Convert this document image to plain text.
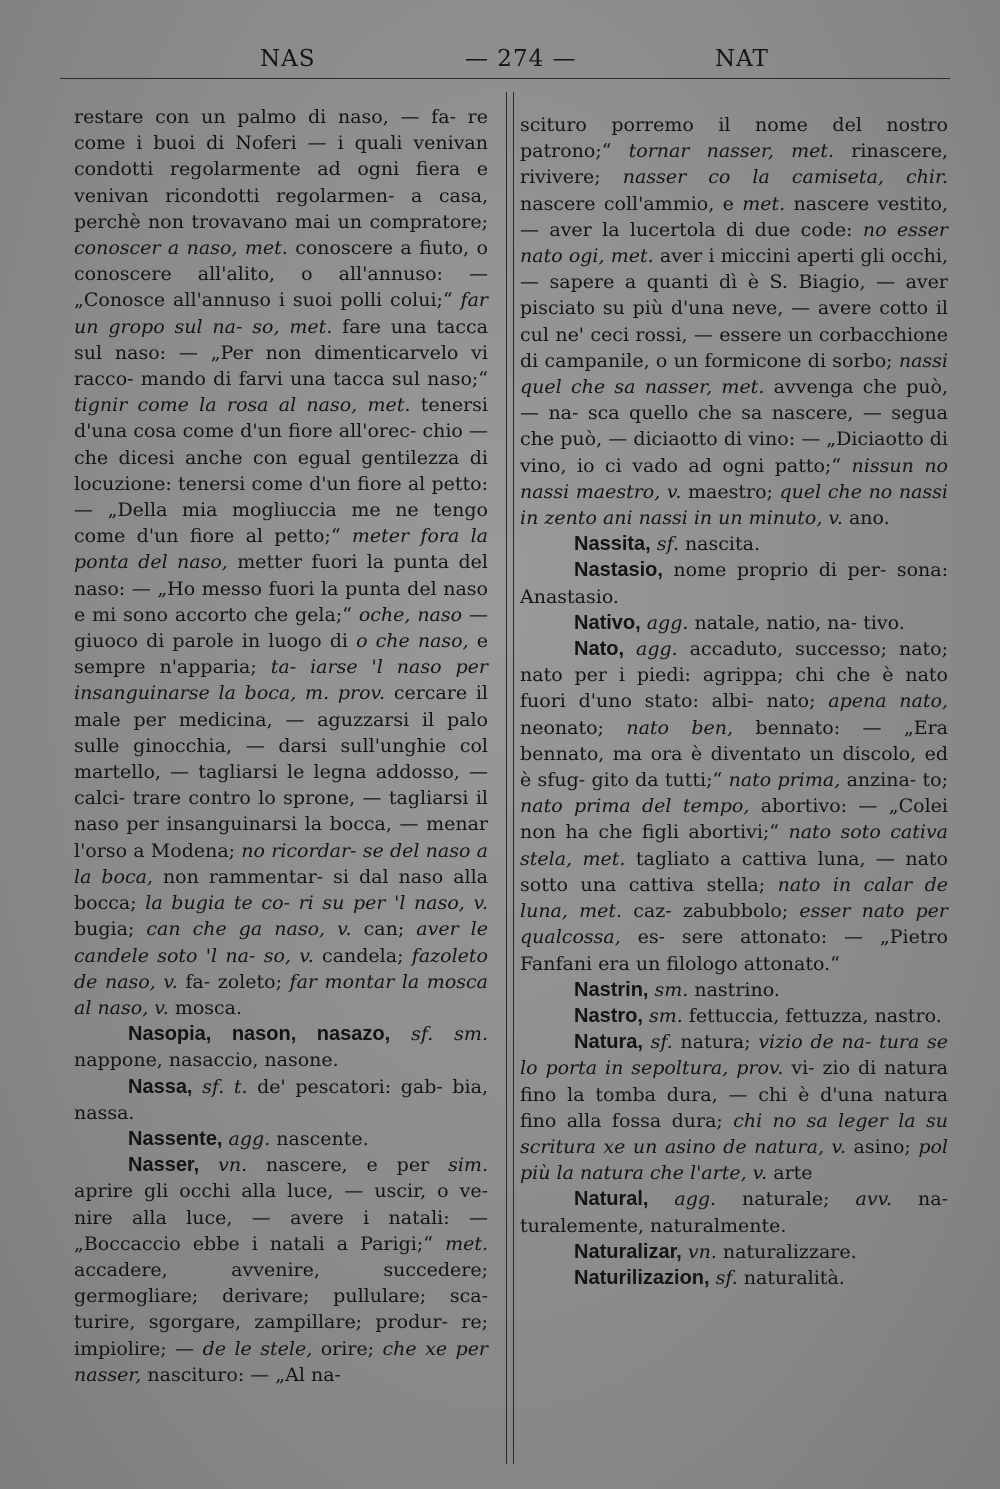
NAS	— 274 —	NAT

restare con un palmo di naso, — fa- re come i buoi di Noferi — i quali venivan condotti regolarmente ad ogni fiera e venivan ricondotti regolarmen- a casa, perchè non trovavano mai un compratore; conoscer a naso, met. conoscere a fiuto, o conoscere all'alito, o all'annuso: — „Conosce all'annuso i suoi polli colui;“ far un gropo sul na- so, met. fare una tacca sul naso: — „Per non dimenticarvelo vi racco- mando di farvi una tacca sul naso;“ tignir come la rosa al naso, met. tenersi d'una cosa come d'un fiore all'orec- chio — che dicesi anche con egual gentilezza di locuzione: tenersi come d'un fiore al petto: — „Della mia mogliuccia me ne tengo come d'un fiore al petto;“ meter fora la ponta del naso, metter fuori la punta del naso: — „Ho messo fuori la punta del naso e mi sono accorto che gela;“ oche, naso — giuoco di parole in luogo di o che naso, e sempre n'apparia; ta- iarse 'l naso per insanguinarse la boca, m. prov. cercare il male per medicina, — aguzzarsi il palo sulle ginocchia, — darsi sull'unghie col martello, — tagliarsi le legna addosso, — calci- trare contro lo sprone, — tagliarsi il naso per insanguinarsi la bocca, — menar l'orso a Modena; no ricordar- se del naso a la boca, non rammentar- si dal naso alla bocca; la bugia te co- ri su per 'l naso, v. bugia; can che ga naso, v. can; aver le candele soto 'l na- so, v. candela; fazoleto de naso, v. fa- zoleto; far montar la mosca al naso, v. mosca.

Nasopia, nason, nasazo, sf. sm. nappone, nasaccio, nasone.

Nassa, sf. t. de' pescatori: gab- bia, nassa.

Nassente, agg. nascente.

Nasser, vn. nascere, e per sim. aprire gli occhi alla luce, — uscir, o ve- nire alla luce, — avere i natali: — „Boccaccio ebbe i natali a Parigi;“ met. accadere, avvenire, succedere; germogliare; derivare; pullulare; sca- turire, sgorgare, zampillare; produr- re; impiolire; — de le stele, orire; che xe per nasser, nascituro: — „Al na-

scituro porremo il nome del nostro patrono;“ tornar nasser, met. rinascere, rivivere; nasser co la camiseta, chir. nascere coll'ammio, e met. nascere vestito, — aver la lucertola di due code: no esser nato ogi, met. aver i miccini aperti gli occhi, — sapere a quanti dì è S. Biagio, — aver pisciato su più d'una neve, — avere cotto il cul ne' ceci rossi, — essere un corbacchione di campanile, o un formicone di sorbo; nassi quel che sa nasser, met. avvenga che può, — na- sca quello che sa nascere, — segua che può, — diciaotto di vino: — „Diciaotto di vino, io ci vado ad ogni patto;“ nissun no nassi maestro, v. maestro; quel che no nassi in zento ani nassi in un minuto, v. ano.

Nassita, sf. nascita.

Nastasio, nome proprio di per- sona: Anastasio.

Nativo, agg. natale, natio, na- tivo.

Nato, agg. accaduto, successo; nato; nato per i piedi: agrippa; chi che è nato fuori d'uno stato: albi- nato; apena nato, neonato; nato ben, bennato: — „Era bennato, ma ora è diventato un discolo, ed è sfug- gito da tutti;“ nato prima, anzina- to; nato prima del tempo, abortivo: — „Colei non ha che figli abortivi;“ nato soto cativa stela, met. tagliato a cattiva luna, — nato sotto una cattiva stella; nato in calar de luna, met. caz- zabubbolo; esser nato per qualcossa, es- sere attonato: — „Pietro Fanfani era un filologo attonato.“

Nastrin, sm. nastrino.

Nastro, sm. fettuccia, fettuzza, nastro.

Natura, sf. natura; vizio de na- tura se lo porta in sepoltura, prov. vi- zio di natura fino la tomba dura, — chi è d'una natura fino alla fossa dura; chi no sa leger la su scritura xe un asino de natura, v. asino; pol più la natura che l'arte, v. arte

Natural, agg. naturale; avv. na- turalemente, naturalmente.

Naturalizar, vn. naturalizzare.

Naturilizazion, sf. naturalità.
